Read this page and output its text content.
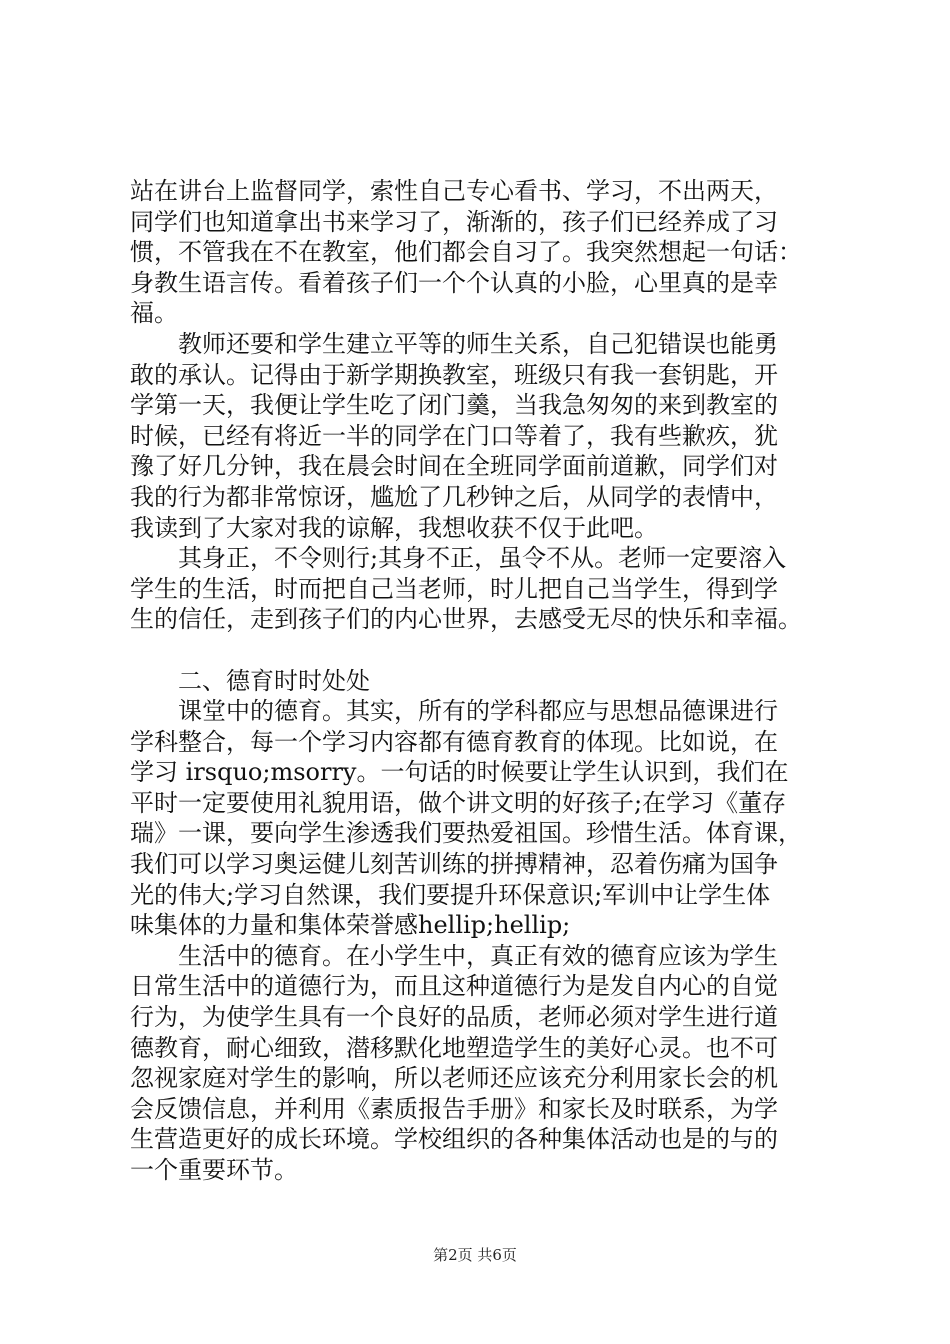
站在讲台上监督同学，索性自己专心看书、学习，不出两天，
同学们也知道拿出书来学习了，渐渐的，孩子们已经养成了习
惯，不管我在不在教室，他们都会自习了。我突然想起一句话：
身教生语言传。看着孩子们一个个认真的小脸，心里真的是幸
福。
教师还要和学生建立平等的师生关系，自己犯错误也能勇
敢的承认。记得由于新学期换教室，班级只有我一套钥匙，开
学第一天，我便让学生吃了闭门羹，当我急匆匆的来到教室的
时候，已经有将近一半的同学在门口等着了，我有些歉疚，犹
豫了好几分钟，我在晨会时间在全班同学面前道歉，同学们对
我的行为都非常惊讶，尴尬了几秒钟之后，从同学的表情中，
我读到了大家对我的谅解，我想收获不仅于此吧。
其身正，不令则行;其身不正，虽令不从。老师一定要溶入
学生的生活，时而把自己当老师，时儿把自己当学生，得到学
生的信任，走到孩子们的内心世界，去感受无尽的快乐和幸福。
二、德育时时处处
课堂中的德育。其实，所有的学科都应与思想品德课进行
学科整合，每一个学习内容都有德育教育的体现。比如说，在
学习 irsquo;msorry。一句话的时候要让学生认识到，我们在
平时一定要使用礼貌用语，做个讲文明的好孩子;在学习《董存
瑞》一课，要向学生渗透我们要热爱祖国。珍惜生活。体育课，
我们可以学习奥运健儿刻苦训练的拼搏精神，忍着伤痛为国争
光的伟大;学习自然课，我们要提升环保意识;军训中让学生体
味集体的力量和集体荣誉感hellip;hellip;
生活中的德育。在小学生中，真正有效的德育应该为学生
日常生活中的道德行为，而且这种道德行为是发自内心的自觉
行为，为使学生具有一个良好的品质，老师必须对学生进行道
德教育，耐心细致，潜移默化地塑造学生的美好心灵。也不可
忽视家庭对学生的影响，所以老师还应该充分利用家长会的机
会反馈信息，并利用《素质报告手册》和家长及时联系，为学
生营造更好的成长环境。学校组织的各种集体活动也是的与的
一个重要环节。
第2页 共6页
